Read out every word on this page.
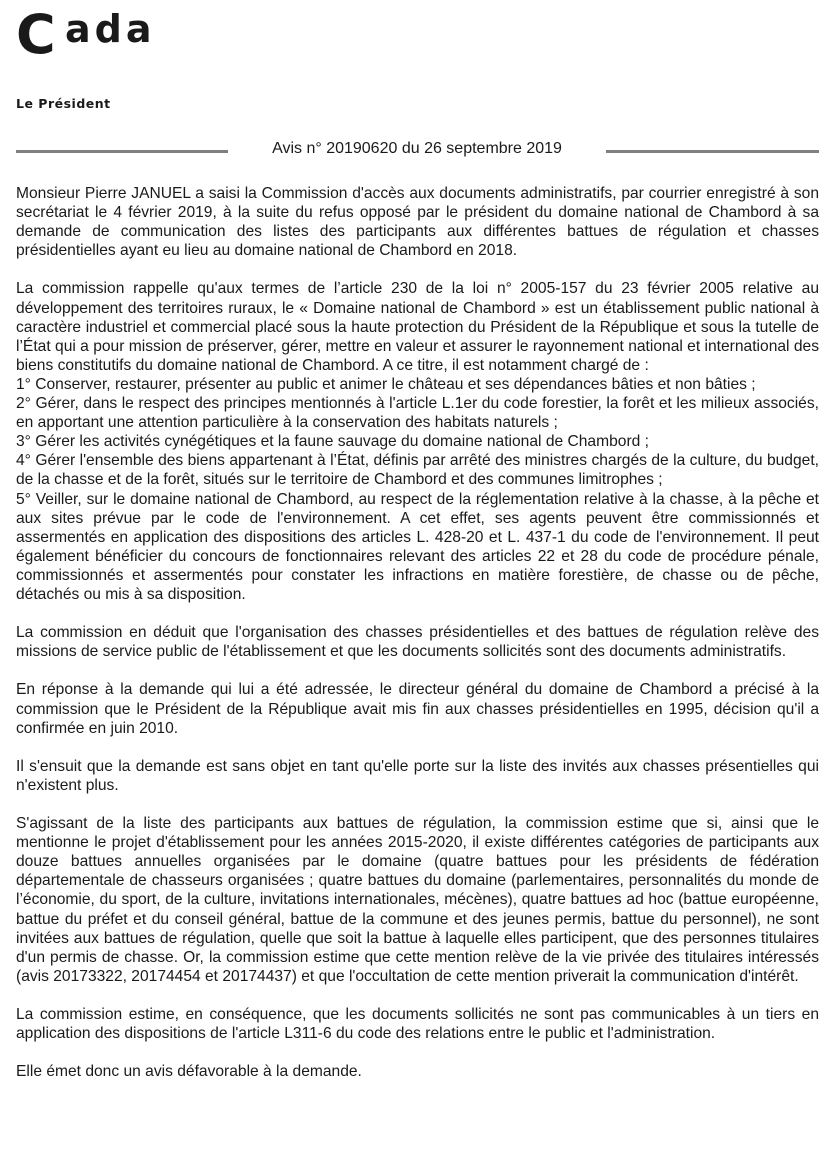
C ada
Le Président
Avis n° 20190620 du 26 septembre 2019

Monsieur Pierre JANUEL a saisi la Commission d'accès aux documents administratifs, par courrier enregistré à son secrétariat le 4 février 2019, à la suite du refus opposé par le président du domaine national de Chambord à sa demande de communication des listes des participants aux différentes battues de régulation et chasses présidentielles ayant eu lieu au domaine national de Chambord en 2018.

La commission rappelle qu'aux termes de l’article 230 de la loi n° 2005-157 du 23 février 2005 relative au développement des territoires ruraux, le « Domaine national de Chambord » est un établissement public national à caractère industriel et commercial placé sous la haute protection du Président de la République et sous la tutelle de l’État qui a pour mission de préserver, gérer, mettre en valeur et assurer le rayonnement national et international des biens constitutifs du domaine national de Chambord. A ce titre, il est notamment chargé de :

1° Conserver, restaurer, présenter au public et animer le château et ses dépendances bâties et non bâties ;

2° Gérer, dans le respect des principes mentionnés à l'article L.1er du code forestier, la forêt et les milieux associés, en apportant une attention particulière à la conservation des habitats naturels ;

3° Gérer les activités cynégétiques et la faune sauvage du domaine national de Chambord ;

4° Gérer l'ensemble des biens appartenant à l’État, définis par arrêté des ministres chargés de la culture, du budget, de la chasse et de la forêt, situés sur le territoire de Chambord et des communes limitrophes ;

5° Veiller, sur le domaine national de Chambord, au respect de la réglementation relative à la chasse, à la pêche et aux sites prévue par le code de l'environnement. A cet effet, ses agents peuvent être commissionnés et assermentés en application des dispositions des articles L. 428-20 et L. 437-1 du code de l'environnement. Il peut également bénéficier du concours de fonctionnaires relevant des articles 22 et 28 du code de procédure pénale, commissionnés et assermentés pour constater les infractions en matière forestière, de chasse ou de pêche, détachés ou mis à sa disposition.

La commission en déduit que l'organisation des chasses présidentielles et des battues de régulation relève des missions de service public de l'établissement et que les documents sollicités sont des documents administratifs.

En réponse à la demande qui lui a été adressée, le directeur général du domaine de Chambord a précisé à la commission que le Président de la République avait mis fin aux chasses présidentielles en 1995, décision qu'il a confirmée en juin 2010.

Il s'ensuit que la demande est sans objet en tant qu'elle porte sur la liste des invités aux chasses présentielles qui n'existent plus.

S'agissant de la liste des participants aux battues de régulation, la commission estime que si, ainsi que le mentionne le projet d'établissement pour les années 2015-2020, il existe différentes catégories de participants aux douze battues annuelles organisées par le domaine (quatre battues pour les présidents de fédération départementale de chasseurs organisées ; quatre battues du domaine (parlementaires, personnalités du monde de l’économie, du sport, de la culture, invitations internationales, mécènes), quatre battues ad hoc (battue européenne, battue du préfet et du conseil général, battue de la commune et des jeunes permis, battue du personnel), ne sont invitées aux battues de régulation, quelle que soit la battue à laquelle elles participent, que des personnes titulaires d'un permis de chasse. Or, la commission estime que cette mention relève de la vie privée des titulaires intéressés (avis 20173322, 20174454 et 20174437) et que l'occultation de cette mention priverait la communication d'intérêt.

La commission estime, en conséquence, que les documents sollicités ne sont pas communicables à un tiers en application des dispositions de l'article L311-6 du code des relations entre le public et l'administration.

Elle émet donc un avis défavorable à la demande.
